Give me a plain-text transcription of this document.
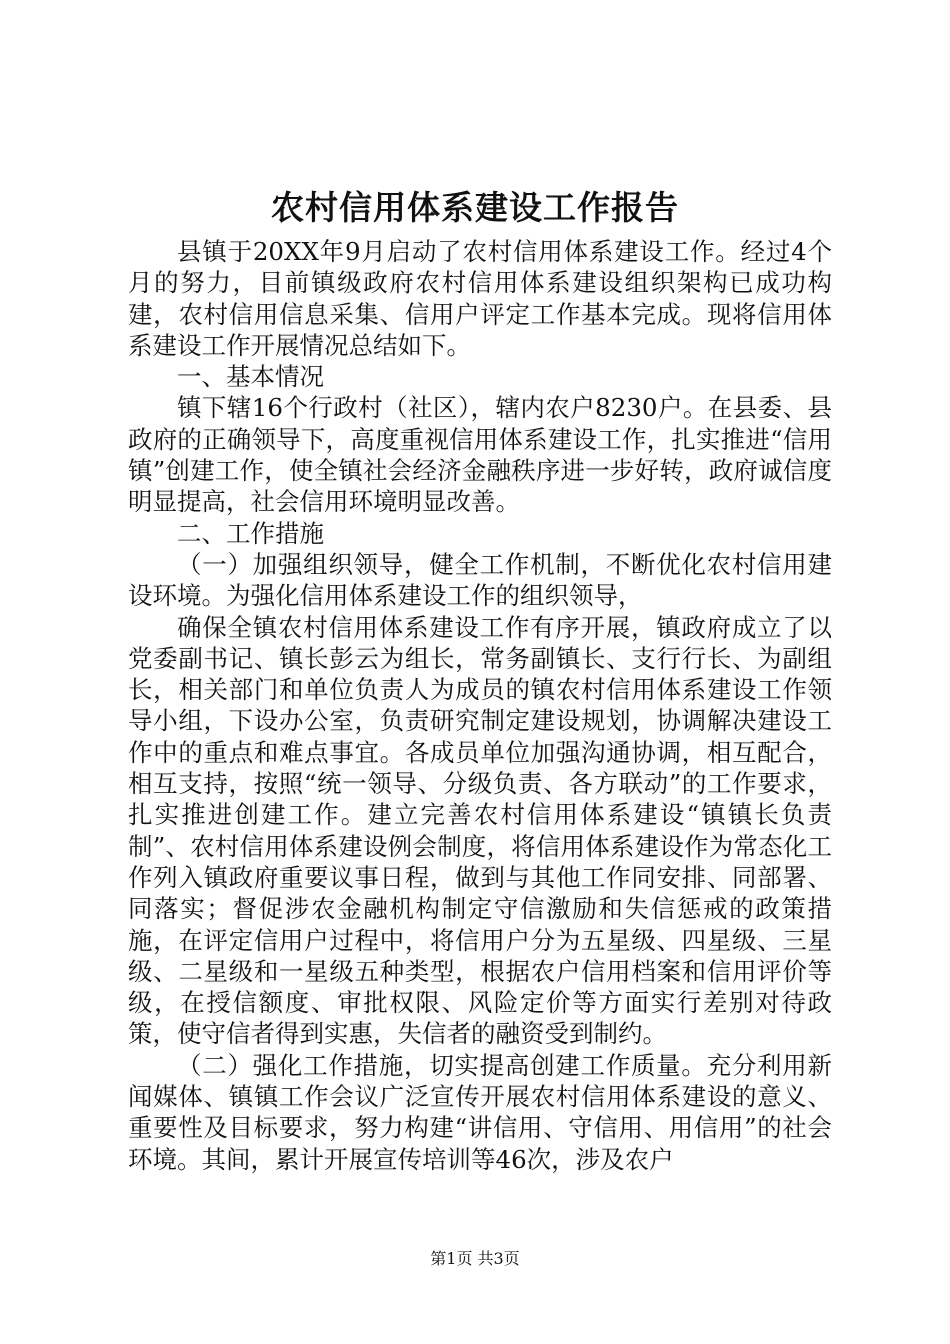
农村信用体系建设工作报告

县镇于20XX年9月启动了农村信用体系建设工作。经过4个月的努力，目前镇级政府农村信用体系建设组织架构已成功构建，农村信用信息采集、信用户评定工作基本完成。现将信用体系建设工作开展情况总结如下。

一、基本情况

镇下辖16个行政村（社区），辖内农户8230户。在县委、县政府的正确领导下，高度重视信用体系建设工作，扎实推进“信用镇”创建工作，使全镇社会经济金融秩序进一步好转，政府诚信度明显提高，社会信用环境明显改善。

二、工作措施

（一）加强组织领导，健全工作机制，不断优化农村信用建设环境。为强化信用体系建设工作的组织领导，

确保全镇农村信用体系建设工作有序开展，镇政府成立了以党委副书记、镇长彭云为组长，常务副镇长、支行行长、为副组长，相关部门和单位负责人为成员的镇农村信用体系建设工作领导小组，下设办公室，负责研究制定建设规划，协调解决建设工作中的重点和难点事宜。各成员单位加强沟通协调，相互配合，相互支持，按照“统一领导、分级负责、各方联动”的工作要求，扎实推进创建工作。建立完善农村信用体系建设“镇镇长负责制”、农村信用体系建设例会制度，将信用体系建设作为常态化工作列入镇政府重要议事日程，做到与其他工作同安排、同部署、同落实；督促涉农金融机构制定守信激励和失信惩戒的政策措施，在评定信用户过程中，将信用户分为五星级、四星级、三星级、二星级和一星级五种类型，根据农户信用档案和信用评价等级，在授信额度、审批权限、风险定价等方面实行差别对待政策，使守信者得到实惠，失信者的融资受到制约。

（二）强化工作措施，切实提高创建工作质量。充分利用新闻媒体、镇镇工作会议广泛宣传开展农村信用体系建设的意义、重要性及目标要求，努力构建“讲信用、守信用、用信用”的社会环境。其间，累计开展宣传培训等46次，涉及农户

第1页 共3页
